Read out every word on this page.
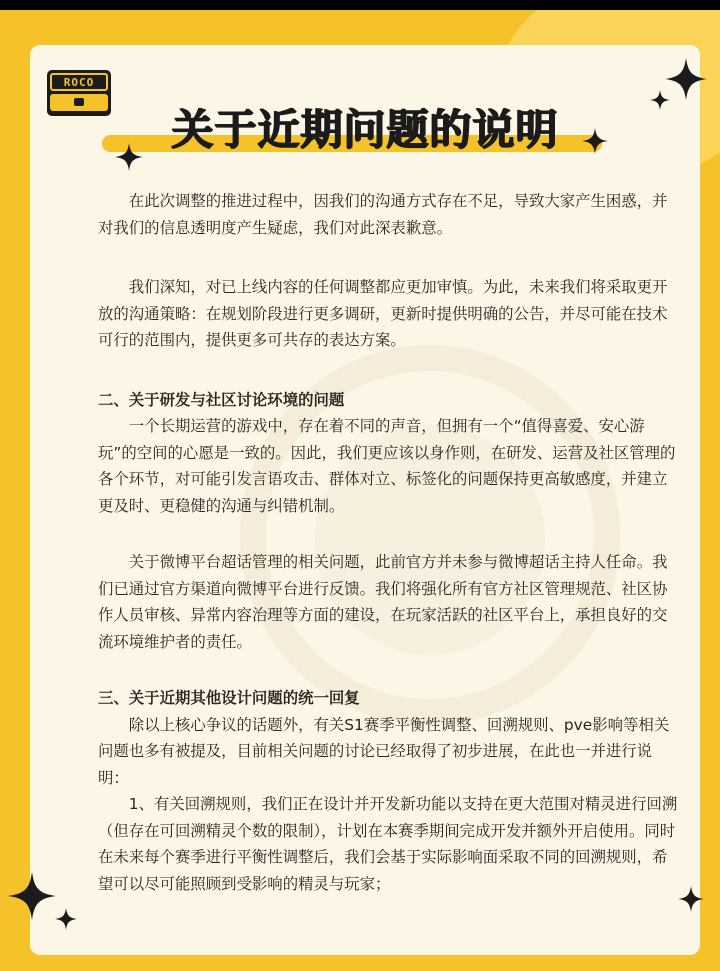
ROCO
关于近期问题的说明

在此次调整的推进过程中，因我们的沟通方式存在不足，导致大家产生困惑，并对我们的信息透明度产生疑虑，我们对此深表歉意。

我们深知，对已上线内容的任何调整都应更加审慎。为此，未来我们将采取更开放的沟通策略：在规划阶段进行更多调研，更新时提供明确的公告，并尽可能在技术可行的范围内，提供更多可共存的表达方案。

二、关于研发与社区讨论环境的问题

一个长期运营的游戏中，存在着不同的声音，但拥有一个“值得喜爱、安心游玩”的空间的心愿是一致的。因此，我们更应该以身作则，在研发、运营及社区管理的各个环节，对可能引发言语攻击、群体对立、标签化的问题保持更高敏感度，并建立更及时、更稳健的沟通与纠错机制。

关于微博平台超话管理的相关问题，此前官方并未参与微博超话主持人任命。我们已通过官方渠道向微博平台进行反馈。我们将强化所有官方社区管理规范、社区协作人员审核、异常内容治理等方面的建设，在玩家活跃的社区平台上，承担良好的交流环境维护者的责任。

三、关于近期其他设计问题的统一回复

除以上核心争议的话题外，有关S1赛季平衡性调整、回溯规则、pve影响等相关问题也多有被提及，目前相关问题的讨论已经取得了初步进展，在此也一并进行说明：

1、有关回溯规则，我们正在设计并开发新功能以支持在更大范围对精灵进行回溯（但存在可回溯精灵个数的限制），计划在本赛季期间完成开发并额外开启使用。同时在未来每个赛季进行平衡性调整后，我们会基于实际影响面采取不同的回溯规则，希望可以尽可能照顾到受影响的精灵与玩家；
